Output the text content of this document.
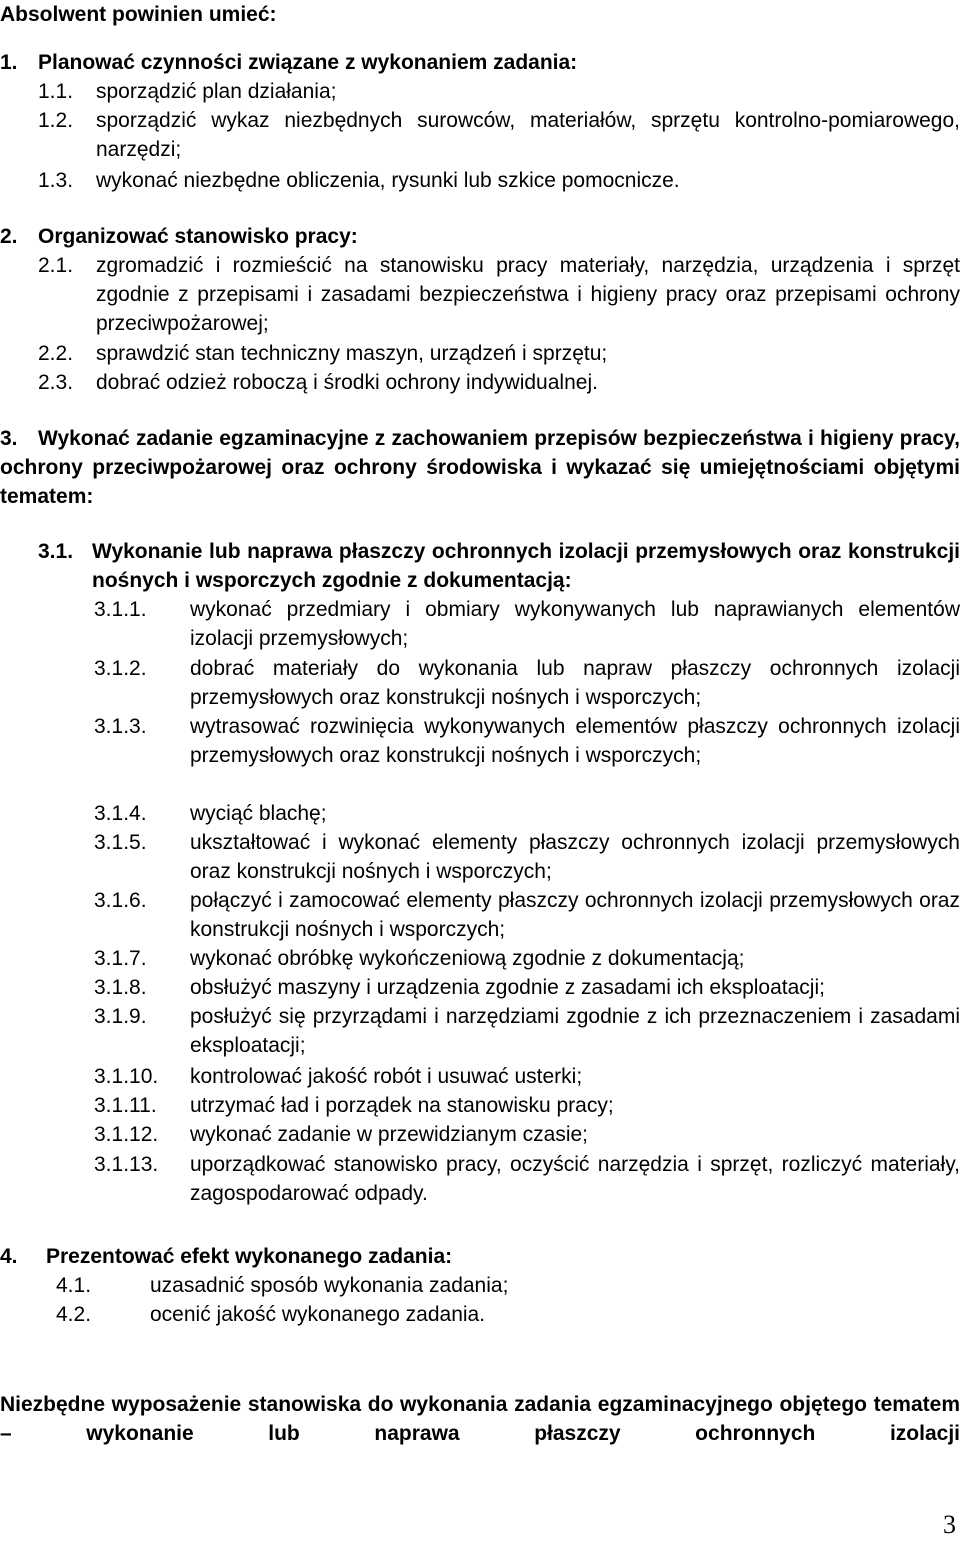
Absolwent powinien umieć:
1. Planować czynności związane z wykonaniem zadania:
1.1. sporządzić plan działania;
1.2. sporządzić wykaz niezbędnych surowców, materiałów, sprzętu kontrolno-pomiarowego, narzędzi;
1.3. wykonać niezbędne obliczenia, rysunki lub szkice pomocnicze.
2. Organizować stanowisko pracy:
2.1. zgromadzić i rozmieścić na stanowisku pracy materiały, narzędzia, urządzenia i sprzęt zgodnie z przepisami i zasadami bezpieczeństwa i higieny pracy oraz przepisami ochrony przeciwpożarowej;
2.2. sprawdzić stan techniczny maszyn, urządzeń i sprzętu;
2.3. dobrać odzież roboczą i środki ochrony indywidualnej.
3. Wykonać zadanie egzaminacyjne z zachowaniem przepisów bezpieczeństwa i higieny pracy, ochrony przeciwpożarowej oraz ochrony środowiska i wykazać się umiejętnościami objętymi tematem:
3.1. Wykonanie lub naprawa płaszczy ochronnych izolacji przemysłowych oraz konstrukcji nośnych i wsporczych zgodnie z dokumentacją:
3.1.1. wykonać przedmiary i obmiary wykonywanych lub naprawianych elementów izolacji przemysłowych;
3.1.2. dobrać materiały do wykonania lub napraw płaszczy ochronnych izolacji przemysłowych oraz konstrukcji nośnych i wsporczych;
3.1.3. wytrasować rozwinięcia wykonywanych elementów płaszczy ochronnych izolacji przemysłowych oraz konstrukcji nośnych i wsporczych;
3.1.4. wyciąć blachę;
3.1.5. ukształtować i wykonać elementy płaszczy ochronnych izolacji przemysłowych oraz konstrukcji nośnych i wsporczych;
3.1.6. połączyć i zamocować elementy płaszczy ochronnych izolacji przemysłowych oraz konstrukcji nośnych i wsporczych;
3.1.7. wykonać obróbkę wykończeniową zgodnie z dokumentacją;
3.1.8. obsłużyć maszyny i urządzenia zgodnie z zasadami ich eksploatacji;
3.1.9. posłużyć się przyrządami i narzędziami zgodnie z ich przeznaczeniem i zasadami eksploatacji;
3.1.10. kontrolować jakość robót i usuwać usterki;
3.1.11. utrzymać ład i porządek na stanowisku pracy;
3.1.12. wykonać zadanie w przewidzianym czasie;
3.1.13. uporządkować stanowisko pracy, oczyścić narzędzia i sprzęt, rozliczyć materiały, zagospodarować odpady.
4. Prezentować efekt wykonanego zadania:
4.1.	uzasadnić sposób wykonania zadania;
4.2.	ocenić jakość wykonanego zadania.
Niezbędne wyposażenie stanowiska do wykonania zadania egzaminacyjnego objętego tematem – wykonanie lub naprawa płaszczy ochronnych izolacji
3
